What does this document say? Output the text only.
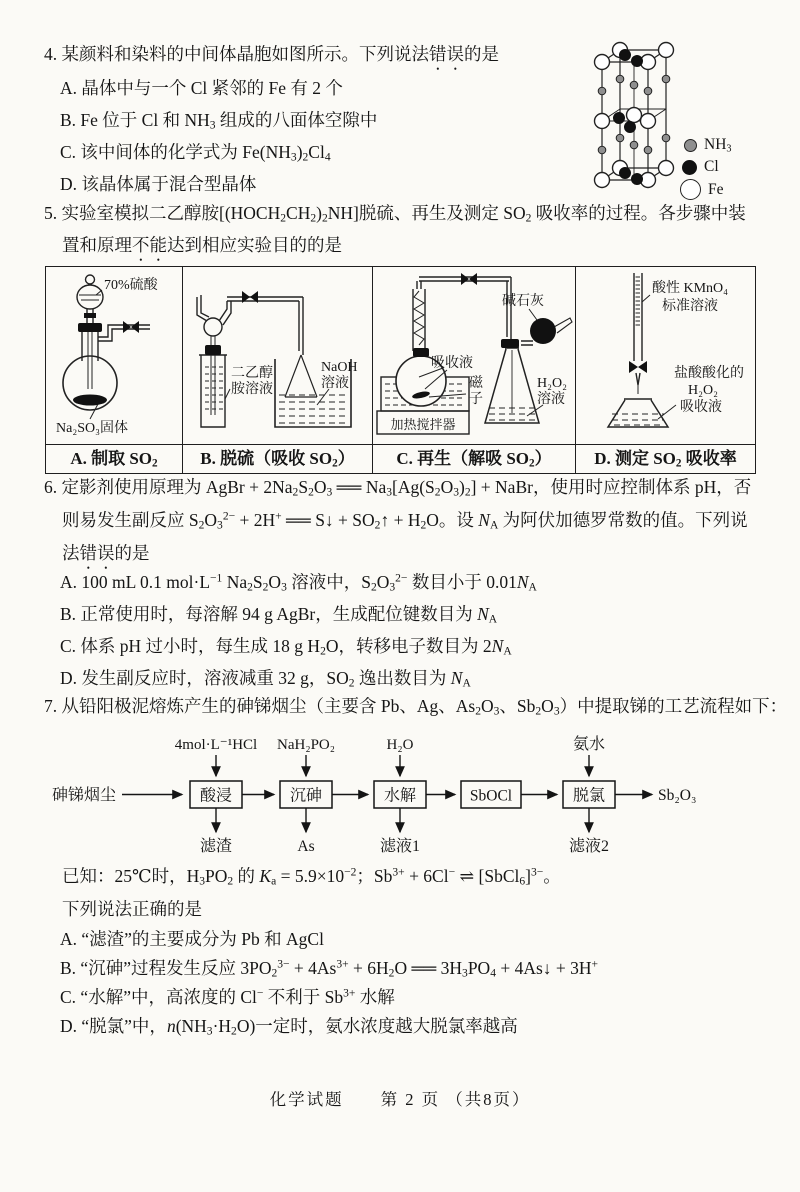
4. 某颜料和染料的中间体晶胞如图所示。下列说法错误的是
A. 晶体中与一个 Cl 紧邻的 Fe 有 2 个
B. Fe 位于 Cl 和 $NH_3$ 组成的八面体空隙中
C. 该中间体的化学式为 $Fe(NH_3)_2Cl_4$
D. 该晶体属于混合型晶体
$NH_3$
Cl
Fe
5. 实验室模拟二乙醇胺$[(HOCH_2CH_2)_2NH]$脱硫、再生及测定 $SO_2$ 吸收率的过程。各步骤中装
置和原理不能达到相应实验目的的是
70%硫酸
Na₂SO₃固体

二乙醇
胺溶液
NaOH
溶液

吸收液
磁
子
加热搅拌器
碱石灰
H₂O₂
溶液

酸性 KMnO₄
标准溶液
盐酸酸化的
H₂O₂
吸收液

A. 制取 $SO_2$	B. 脱硫（吸收 $SO_2$）	C. 再生（解吸 $SO_2$）	D. 测定 $SO_2$ 吸收率
6. 定影剂使用原理为 AgBr + $2Na_2S_2O_3$ ══ $Na_3[Ag(S_2O_3)_2]$ + NaBr，使用时应控制体系 pH，否
则易发生副反应 $S_2O_3^{2-} + 2H^+$ ══ S↓ + $SO_2↑ + H_2O$。设 $N_A$ 为阿伏加德罗常数的值。下列说
法错误的是
A. 100 mL 0.1 $mol\cdot L^{-1}$ $Na_2S_2O_3$ 溶液中，$S_2O_3^{2-}$ 数目小于 $0.01N_A$
B. 正常使用时，每溶解 94 g AgBr，生成配位键数目为 $N_A$
C. 体系 pH 过小时，每生成 18 g $H_2O$，转移电子数目为 $2N_A$
D. 发生副反应时，溶液减重 32 g，$SO_2$ 逸出数目为 $N_A$
7. 从铅阳极泥熔炼产生的砷锑烟尘（主要含 Pb、Ag、$As_2O_3$、$Sb_2O_3$）中提取锑的工艺流程如下：
砷锑烟尘	酸浸	沉砷	水解	SbOCl	脱氯	Sb₂O₃
4mol·L⁻¹HCl NaH₂PO₂	H₂O	氨水
滤渣	As	滤液1	滤液2
已知：25℃时，$H_3PO_2$ 的 $K_a = 5.9\times 10^{-2}$；$Sb^{3+} + 6Cl^-$ ⇌ [SbCl$_6$]$^{3-}$。
下列说法正确的是
A. “滤渣”的主要成分为 Pb 和 AgCl
B. “沉砷”过程发生反应 $3PO_2^{3-} + 4As^{3+} + 6H_2O$ ══ $3H_3PO_4$ + 4As↓ + 3H+
C. “水解”中，高浓度的 Cl− 不利于 $Sb^{3+}$ 水解
D. “脱氯”中，$n(NH_3\cdot H_2O)$一定时，氨水浓度越大脱氯率越高
化学试题　　第 2 页 （共8页）
